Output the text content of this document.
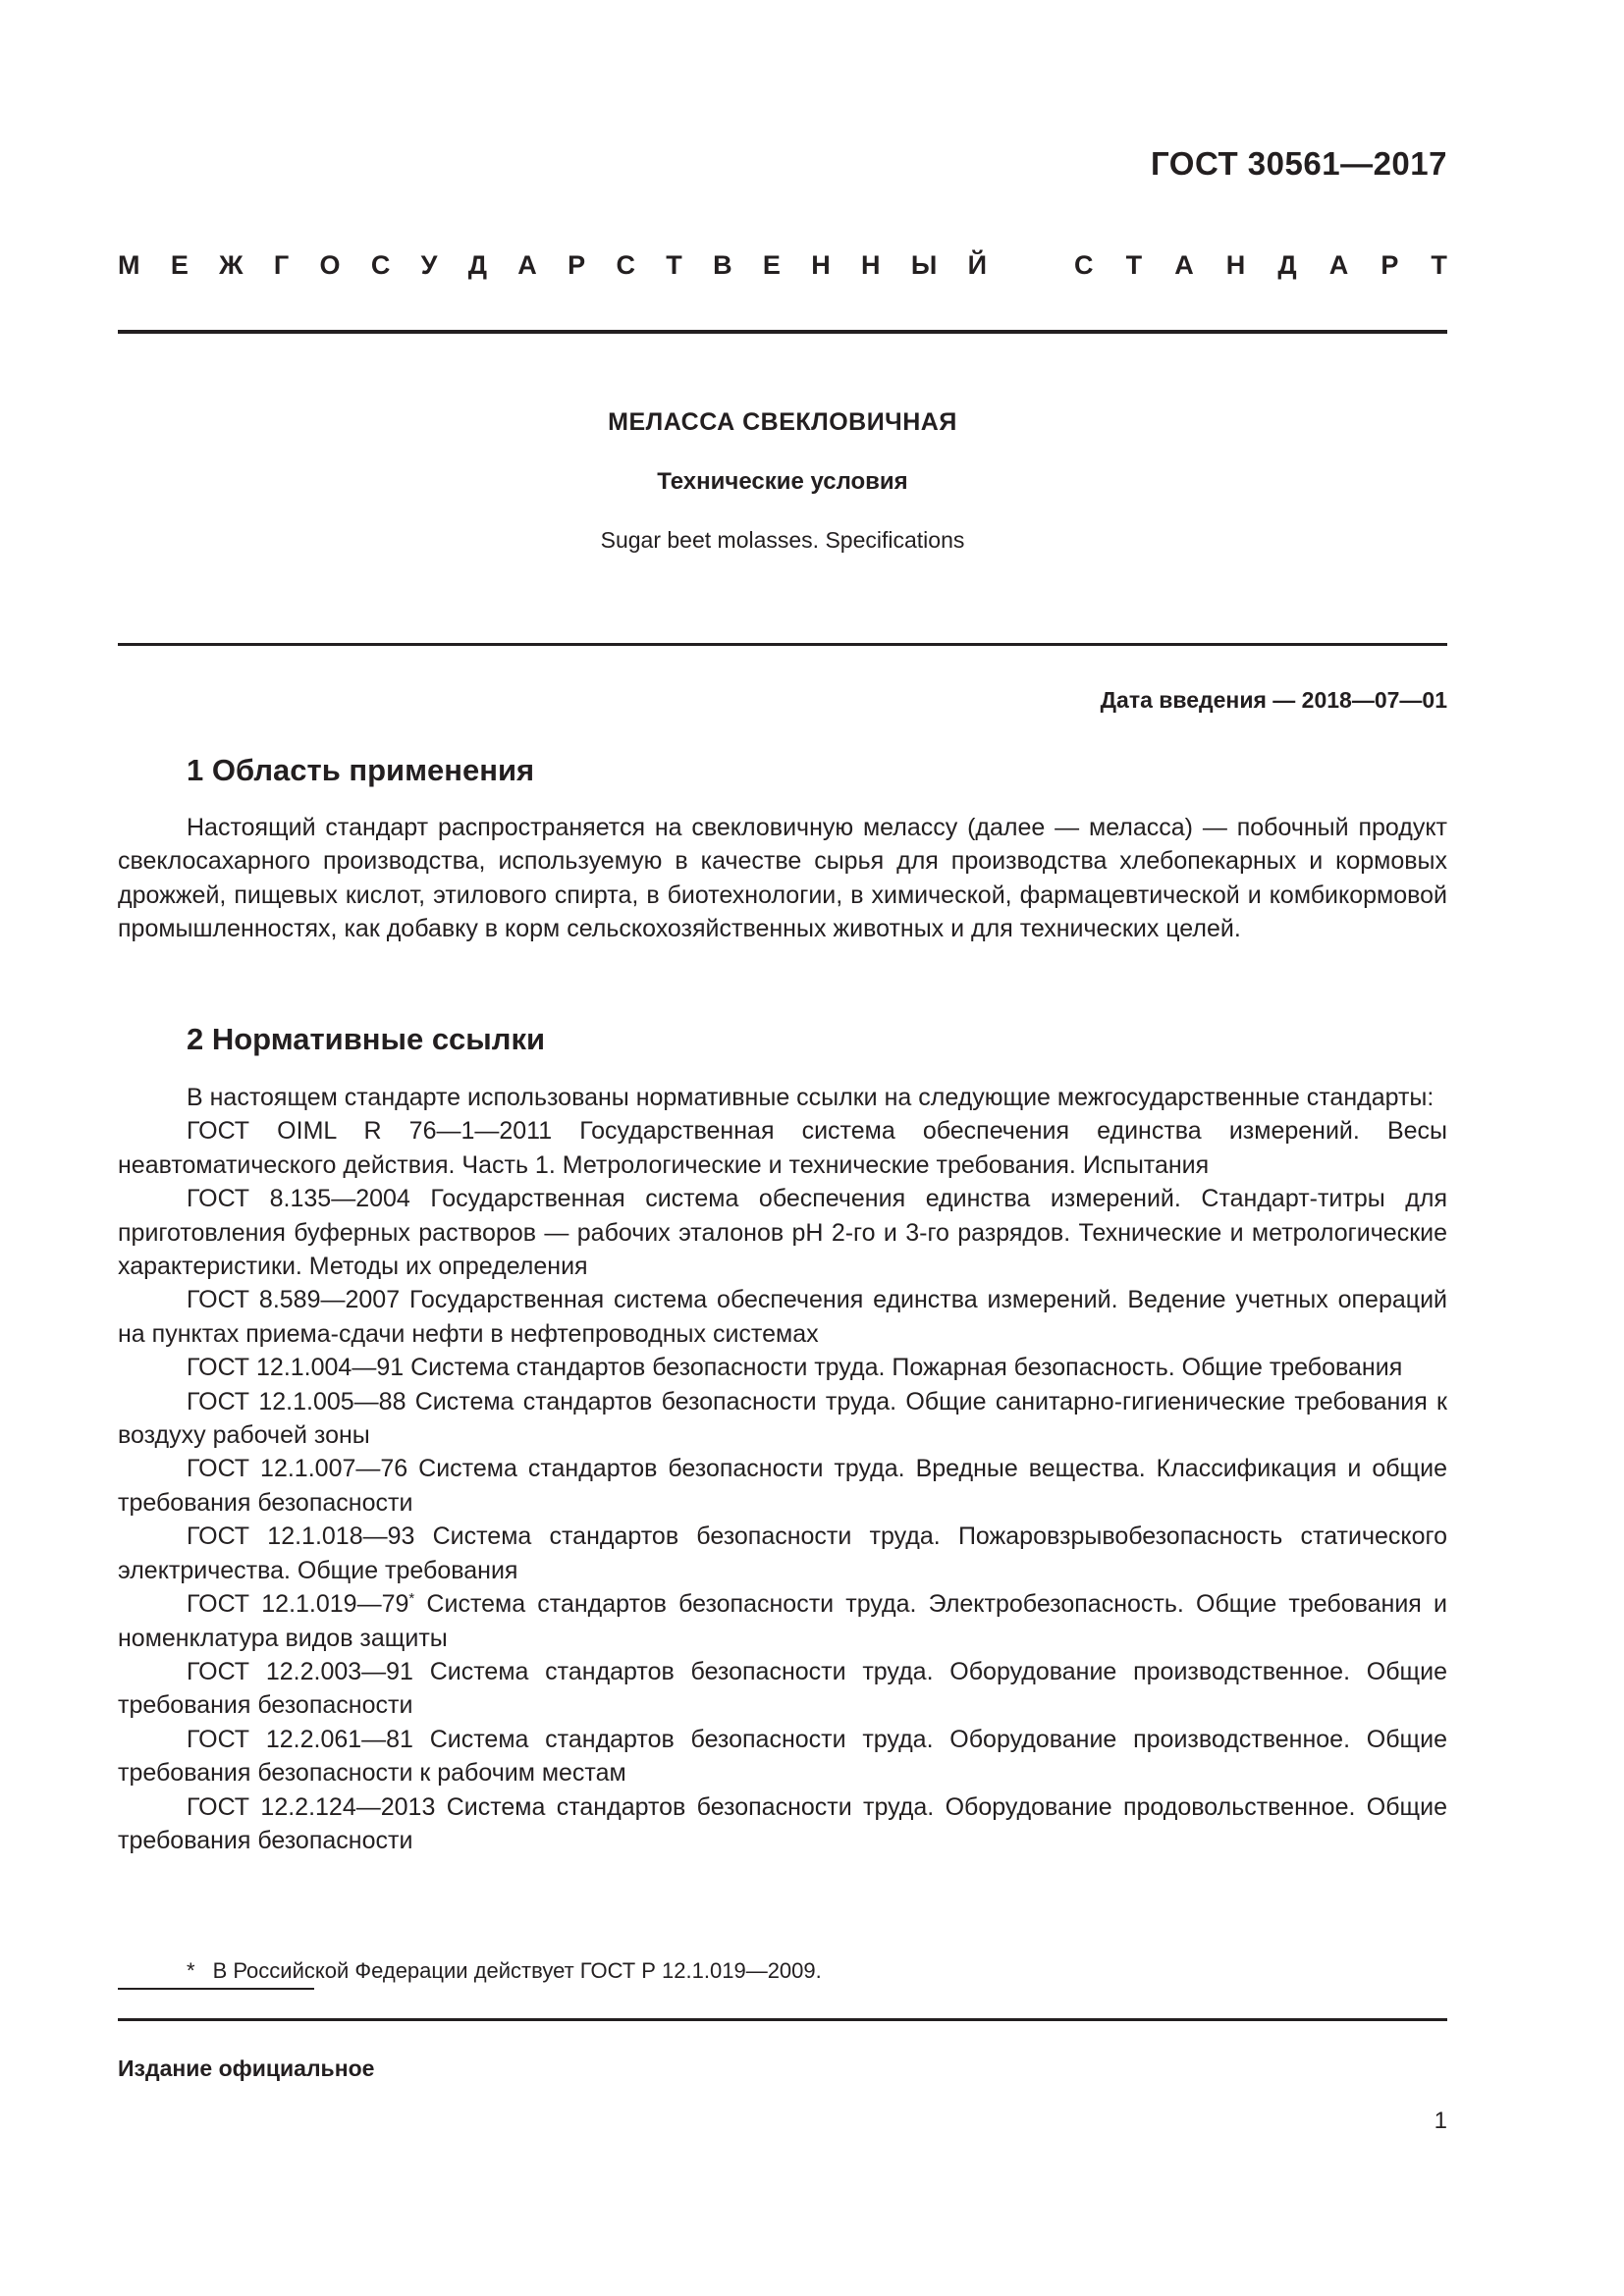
ГОСТ 30561—2017
М Е Ж Г О С У Д А Р С Т В Е Н Н Ы Й	С Т А Н Д А Р Т
МЕЛАССА СВЕКЛОВИЧНАЯ
Технические условия
Sugar beet molasses. Specifications
Дата введения — 2018—07—01
1 Область применения

Настоящий стандарт распространяется на свекловичную мелассу (далее — меласса) — побочный продукт свеклосахарного производства, используемую в качестве сырья для производства хлебопекарных и кормовых дрожжей, пищевых кислот, этилового спирта, в биотехнологии, в химической, фармацевтической и комбикормовой промышленностях, как добавку в корм сельскохозяйственных животных и для технических целей.

2 Нормативные ссылки

В настоящем стандарте использованы нормативные ссылки на следующие межгосударственные стандарты:

ГОСТ OIML R 76—1—2011 Государственная система обеспечения единства измерений. Весы неавтоматического действия. Часть 1. Метрологические и технические требования. Испытания

ГОСТ 8.135—2004 Государственная система обеспечения единства измерений. Стандарт-титры для приготовления буферных растворов — рабочих эталонов pH 2-го и 3-го разрядов. Технические и метрологические характеристики. Методы их определения

ГОСТ 8.589—2007 Государственная система обеспечения единства измерений. Ведение учетных операций на пунктах приема-сдачи нефти в нефтепроводных системах

ГОСТ 12.1.004—91 Система стандартов безопасности труда. Пожарная безопасность. Общие требования

ГОСТ 12.1.005—88 Система стандартов безопасности труда. Общие санитарно-гигиенические требования к воздуху рабочей зоны

ГОСТ 12.1.007—76 Система стандартов безопасности труда. Вредные вещества. Классификация и общие требования безопасности

ГОСТ 12.1.018—93 Система стандартов безопасности труда. Пожаровзрывобезопасность статического электричества. Общие требования

ГОСТ 12.1.019—79* Система стандартов безопасности труда. Электробезопасность. Общие требования и номенклатура видов защиты

ГОСТ 12.2.003—91 Система стандартов безопасности труда. Оборудование производственное. Общие требования безопасности

ГОСТ 12.2.061—81 Система стандартов безопасности труда. Оборудование производственное. Общие требования безопасности к рабочим местам

ГОСТ 12.2.124—2013 Система стандартов безопасности труда. Оборудование продовольственное. Общие требования безопасности

* В Российской Федерации действует ГОСТ Р 12.1.019—2009.
Издание официальное
1
